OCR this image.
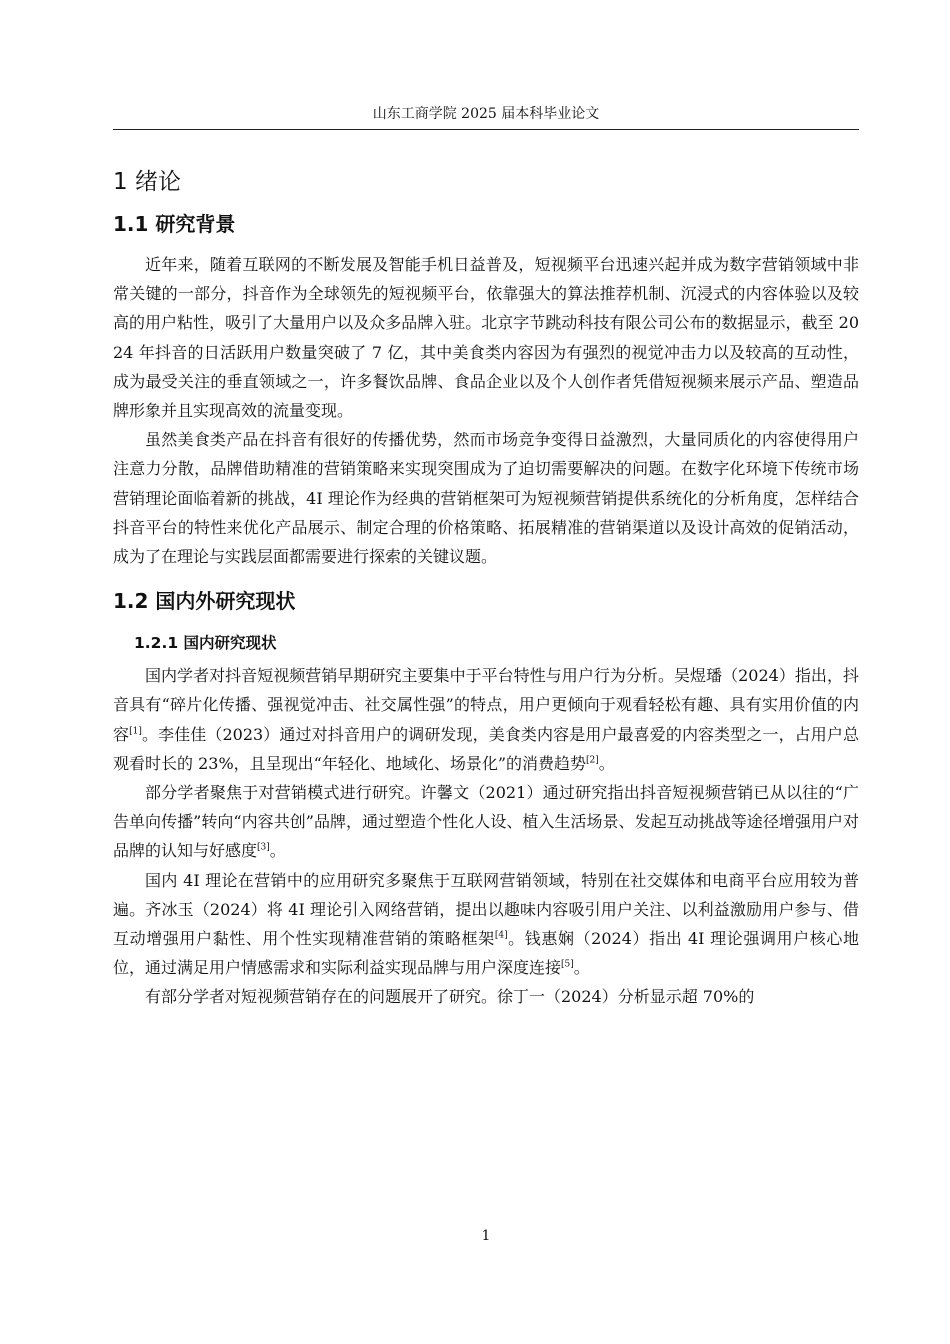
山东工商学院 2025 届本科毕业论文
1 绪论
1.1 研究背景

近年来，随着互联网的不断发展及智能手机日益普及，短视频平台迅速兴起并成为数字营销领域中非常关键的一部分，抖音作为全球领先的短视频平台，依靠强大的算法推荐机制、沉浸式的内容体验以及较高的用户粘性，吸引了大量用户以及众多品牌入驻。北京字节跳动科技有限公司公布的数据显示，截至 2024 年抖音的日活跃用户数量突破了 7 亿，其中美食类内容因为有强烈的视觉冲击力以及较高的互动性，成为最受关注的垂直领域之一，许多餐饮品牌、食品企业以及个人创作者凭借短视频来展示产品、塑造品牌形象并且实现高效的流量变现。

虽然美食类产品在抖音有很好的传播优势，然而市场竞争变得日益激烈，大量同质化的内容使得用户注意力分散，品牌借助精准的营销策略来实现突围成为了迫切需要解决的问题。在数字化环境下传统市场营销理论面临着新的挑战，4I 理论作为经典的营销框架可为短视频营销提供系统化的分析角度，怎样结合抖音平台的特性来优化产品展示、制定合理的价格策略、拓展精准的营销渠道以及设计高效的促销活动，成为了在理论与实践层面都需要进行探索的关键议题。

1.2 国内外研究现状
1.2.1 国内研究现状

国内学者对抖音短视频营销早期研究主要集中于平台特性与用户行为分析。吴煜璠（2024）指出，抖音具有“碎片化传播、强视觉冲击、社交属性强”的特点，用户更倾向于观看轻松有趣、具有实用价值的内容[1]。李佳佳（2023）通过对抖音用户的调研发现，美食类内容是用户最喜爱的内容类型之一，占用户总观看时长的 23%，且呈现出“年轻化、地域化、场景化”的消费趋势[2]。

部分学者聚焦于对营销模式进行研究。许馨文（2021）通过研究指出抖音短视频营销已从以往的“广告单向传播”转向“内容共创”品牌，通过塑造个性化人设、植入生活场景、发起互动挑战等途径增强用户对品牌的认知与好感度[3]。

国内 4I 理论在营销中的应用研究多聚焦于互联网营销领域，特别在社交媒体和电商平台应用较为普遍。齐冰玉（2024）将 4I 理论引入网络营销，提出以趣味内容吸引用户关注、以利益激励用户参与、借互动增强用户黏性、用个性实现精准营销的策略框架[4]。钱惠娴（2024）指出 4I 理论强调用户核心地位，通过满足用户情感需求和实际利益实现品牌与用户深度连接[5]。

有部分学者对短视频营销存在的问题展开了研究。徐丁一（2024）分析显示超 70%的

1
